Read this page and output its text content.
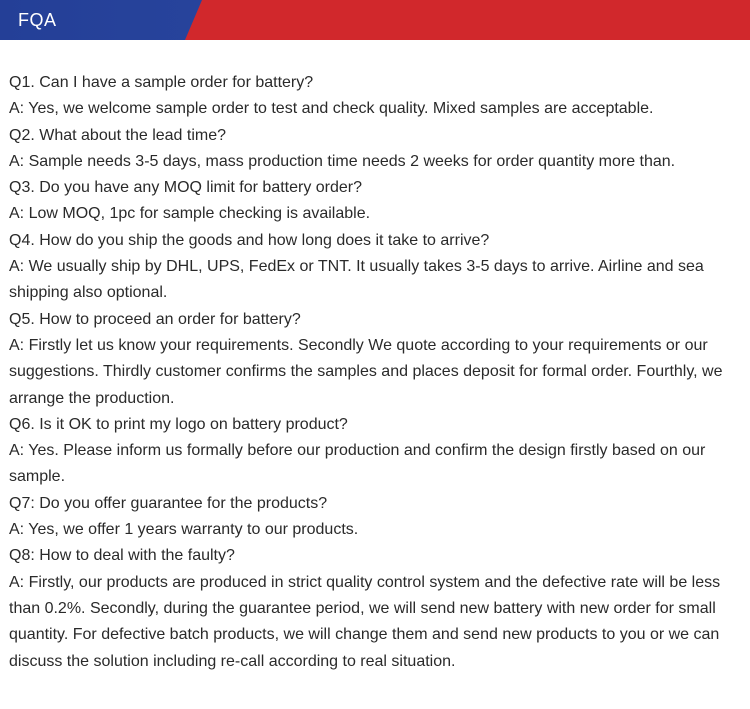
FQA

Q1. Can I have a sample order for battery?

A: Yes, we welcome sample order to test and check quality. Mixed samples are acceptable.

Q2. What about the lead time?

A: Sample needs 3-5 days, mass production time needs 2 weeks for order quantity more than.

Q3. Do you have any MOQ limit for battery order?

A: Low MOQ, 1pc for sample checking is available.

Q4. How do you ship the goods and how long does it take to arrive?

A: We usually ship by DHL, UPS, FedEx or TNT. It usually takes 3-5 days to arrive. Airline and sea shipping also optional.

Q5. How to proceed an order for battery?

A: Firstly let us know your requirements. Secondly We quote according to your requirements or our suggestions. Thirdly customer confirms the samples and places deposit for formal order. Fourthly, we arrange the production.

Q6. Is it OK to print my logo on battery product?

A: Yes. Please inform us formally before our production and confirm the design firstly based on our sample.

Q7: Do you offer guarantee for the products?

A: Yes, we offer 1 years warranty to our products.

Q8: How to deal with the faulty?

A: Firstly, our products are produced in strict quality control system and the defective rate will be less than 0.2%. Secondly, during the guarantee period, we will send new battery with new order for small quantity. For defective batch products, we will change them and send new products to you or we can discuss the solution including re-call according to real situation.
